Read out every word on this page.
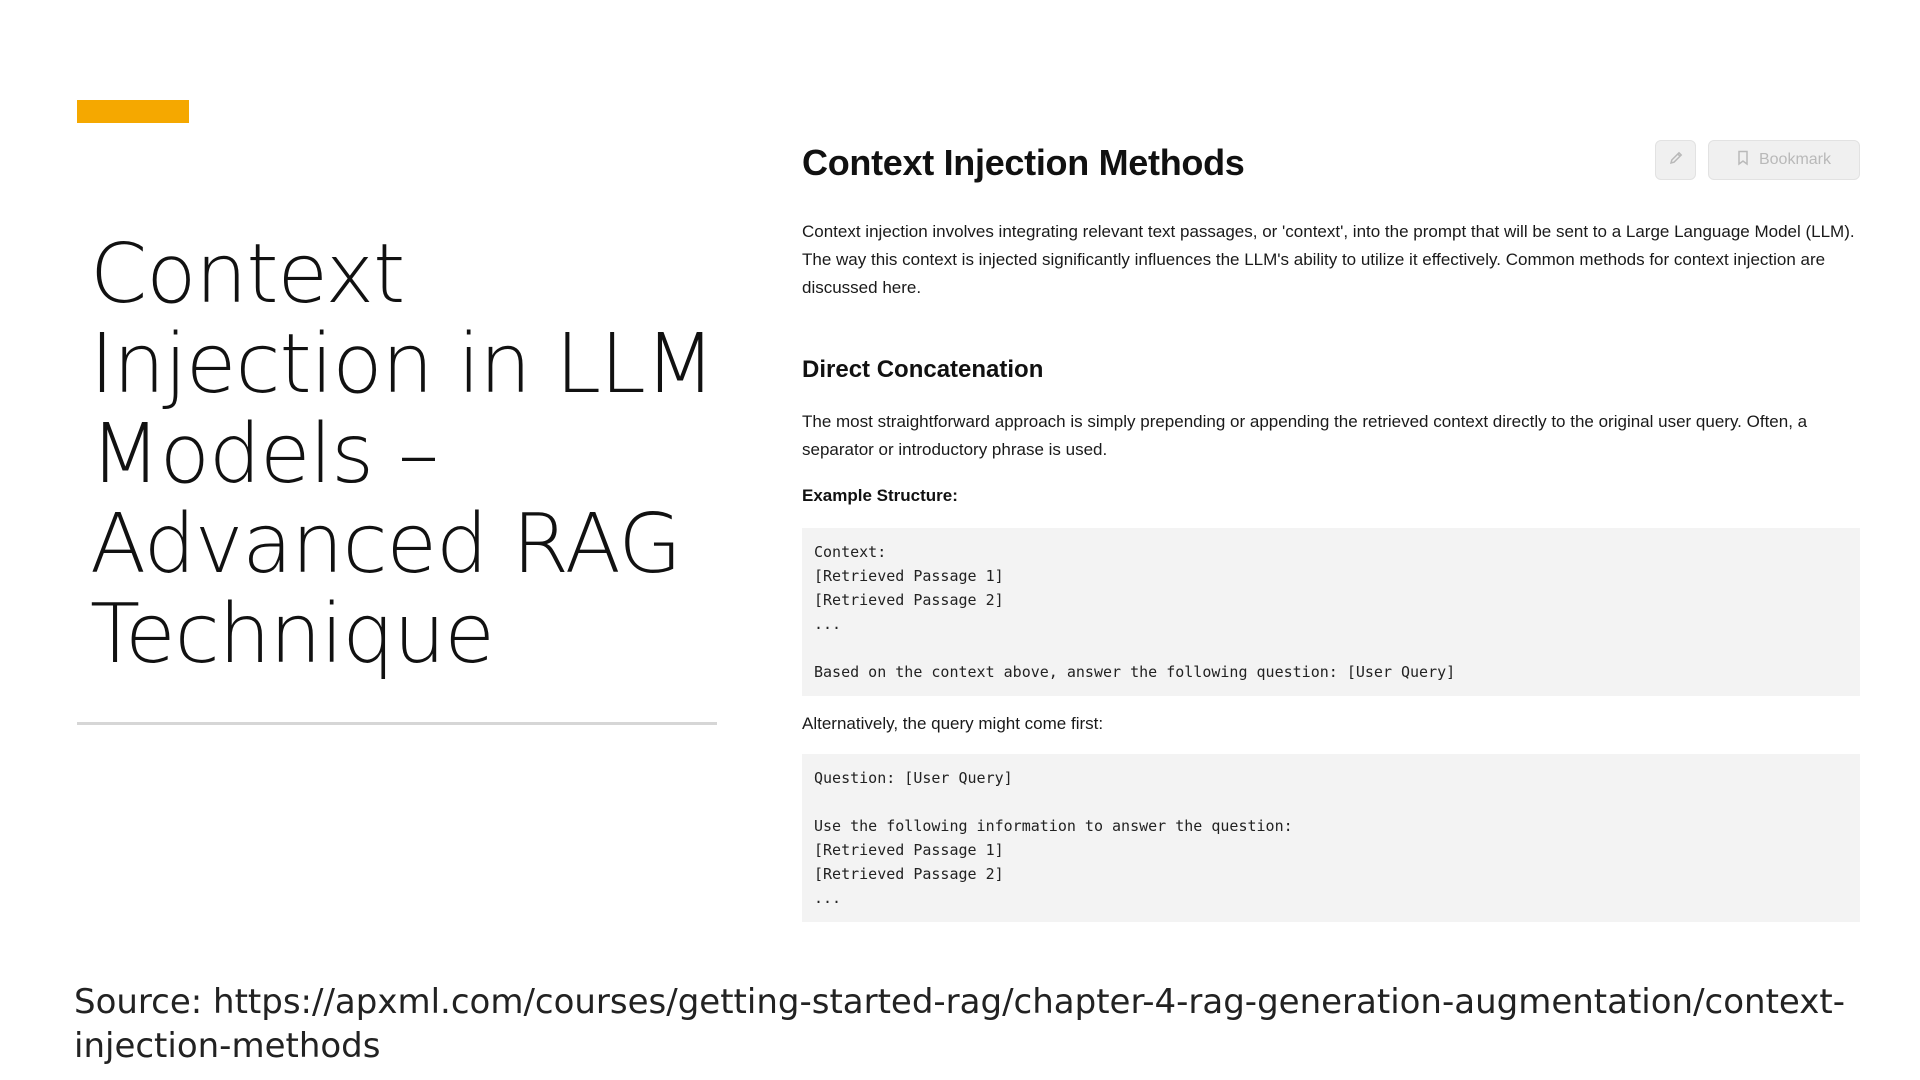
Context Injection in LLM Models – Advanced RAG Technique
Context Injection Methods	Bookmark

Context injection involves integrating relevant text passages, or 'context', into the prompt that will be sent to a Large Language Model (LLM). The way this context is injected significantly influences the LLM's ability to utilize it effectively. Common methods for context injection are discussed here.

Direct Concatenation

The most straightforward approach is simply prepending or appending the retrieved context directly to the original user query. Often, a separator or introductory phrase is used.

Example Structure:

Context:
[Retrieved Passage 1]
[Retrieved Passage 2]
...

Based on the context above, answer the following question: [User Query]

Alternatively, the query might come first:

Question: [User Query]

Use the following information to answer the question:
[Retrieved Passage 1]
[Retrieved Passage 2]
...

Source: https://apxml.com/courses/getting-started-rag/chapter-4-rag-generation-augmentation/context-injection-methods
